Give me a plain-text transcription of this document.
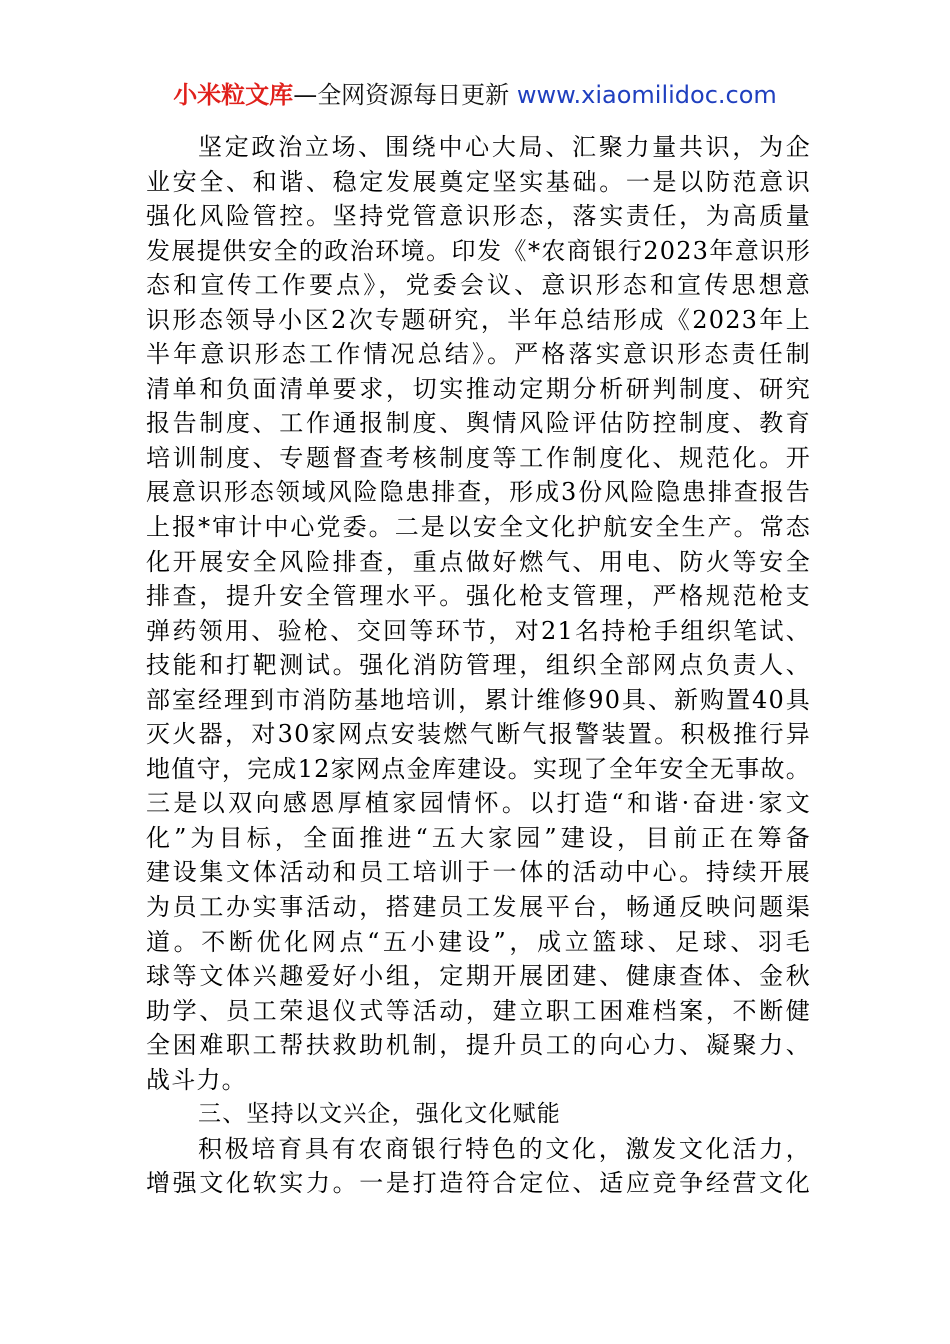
小米粒文库—全网资源每日更新 www.xiaomilidoc.com
坚定政治立场、围绕中心大局、汇聚力量共识，为企
业安全、和谐、稳定发展奠定坚实基础。一是以防范意识
强化风险管控。坚持党管意识形态，落实责任，为高质量
发展提供安全的政治环境。印发《*农商银行2023年意识形
态和宣传工作要点》，党委会议、意识形态和宣传思想意
识形态领导小区2次专题研究，半年总结形成《2023年上
半年意识形态工作情况总结》。严格落实意识形态责任制
清单和负面清单要求，切实推动定期分析研判制度、研究
报告制度、工作通报制度、舆情风险评估防控制度、教育
培训制度、专题督查考核制度等工作制度化、规范化。开
展意识形态领域风险隐患排查，形成3份风险隐患排查报告
上报*审计中心党委。二是以安全文化护航安全生产。常态
化开展安全风险排查，重点做好燃气、用电、防火等安全
排查，提升安全管理水平。强化枪支管理，严格规范枪支
弹药领用、验枪、交回等环节，对21名持枪手组织笔试、
技能和打靶测试。强化消防管理，组织全部网点负责人、
部室经理到市消防基地培训，累计维修90具、新购置40具
灭火器，对30家网点安装燃气断气报警装置。积极推行异
地值守，完成12家网点金库建设。实现了全年安全无事故。
三是以双向感恩厚植家园情怀。以打造“和谐·奋进·家文
化”为目标，全面推进“五大家园”建设，目前正在筹备
建设集文体活动和员工培训于一体的活动中心。持续开展
为员工办实事活动，搭建员工发展平台，畅通反映问题渠
道。不断优化网点“五小建设”，成立篮球、足球、羽毛
球等文体兴趣爱好小组，定期开展团建、健康查体、金秋
助学、员工荣退仪式等活动，建立职工困难档案，不断健
全困难职工帮扶救助机制，提升员工的向心力、凝聚力、
战斗力。
三、坚持以文兴企，强化文化赋能
积极培育具有农商银行特色的文化，激发文化活力，
增强文化软实力。一是打造符合定位、适应竞争经营文化
